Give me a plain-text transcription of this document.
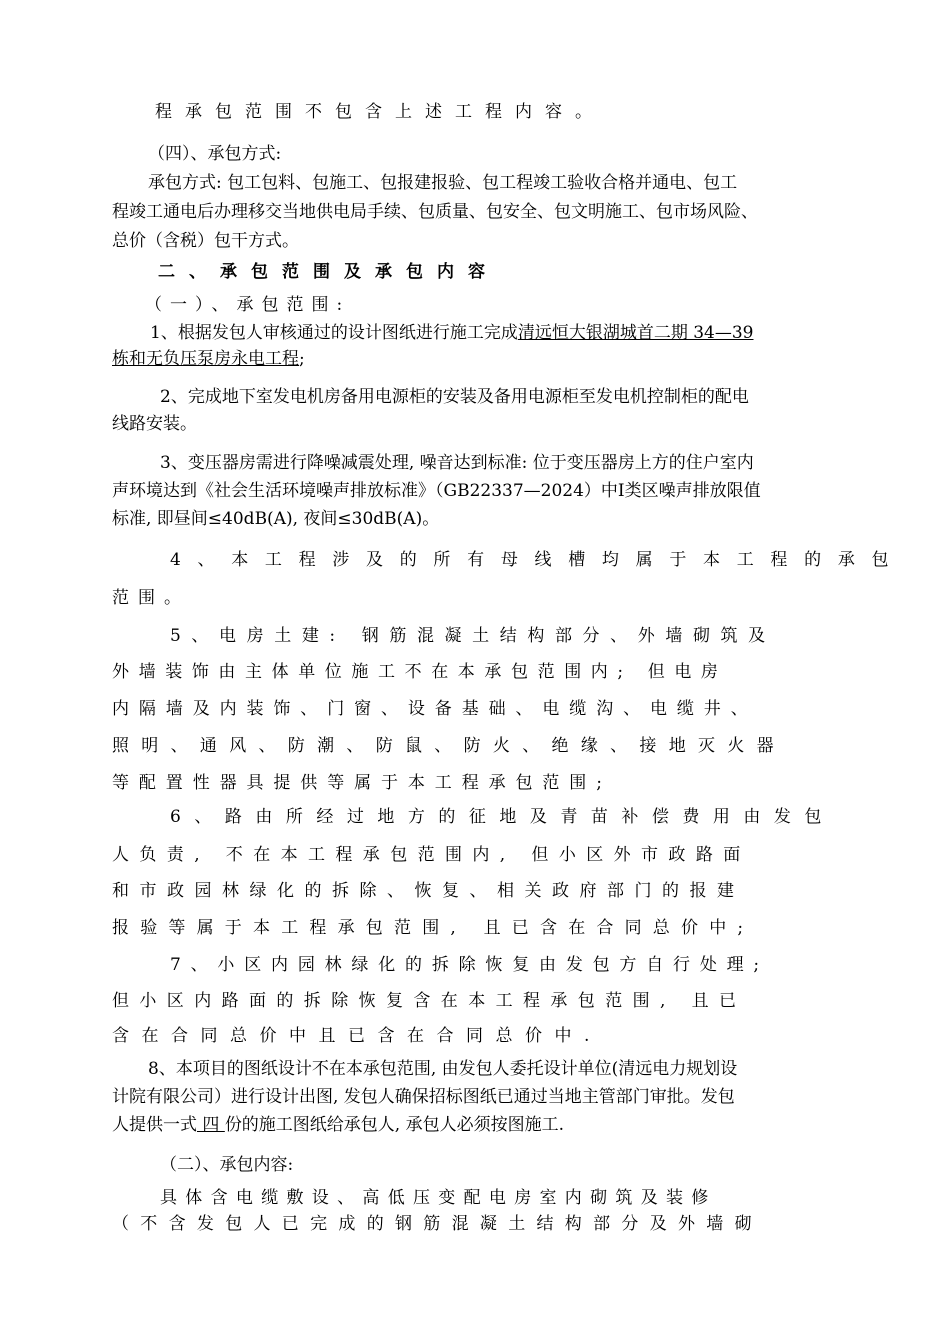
程承包范围不包含上述工程内容。
（四）、承包方式:
承包方式: 包工包料、包施工、包报建报验、包工程竣工验收合格并通电、包工
程竣工通电后办理移交当地供电局手续、包质量、包安全、包文明施工、包市场风险、
总价（含税）包干方式。
二、承包范围及承包内容
（一）、承包范围:
1、根据发包人审核通过的设计图纸进行施工完成清远恒大银湖城首二期 34—39
栋和无负压泵房永电工程;
2、完成地下室发电机房备用电源柜的安装及备用电源柜至发电机控制柜的配电
线路安装。
3、变压器房需进行降噪减震处理, 噪音达到标准: 位于变压器房上方的住户室内
声环境达到《社会生活环境噪声排放标准》（GB22337—2024）中Ⅰ类区噪声排放限值
标准, 即昼间≤40dB(A), 夜间≤30dB(A)。
4、本工程涉及的所有母线槽均属于本工程的承包
范围。
5、电房土建: 钢筋混凝土结构部分、外墙砌筑及
外墙装饰由主体单位施工不在本承包范围内; 但电房
内隔墙及内装饰、门窗、设备基础、电缆沟、电缆井、
照明、通风、防潮、防鼠、防火、绝缘、接地灭火器
等配置性器具提供等属于本工程承包范围;
6、路由所经过地方的征地及青苗补偿费用由发包
人负责, 不在本工程承包范围内, 但小区外市政路面
和市政园林绿化的拆除、恢复、相关政府部门的报建
报验等属于本工程承包范围, 且已含在合同总价中;
7、小区内园林绿化的拆除恢复由发包方自行处理;
但小区内路面的拆除恢复含在本工程承包范围, 且已
含在合同总价中且已含在合同总价中.
8、本项目的图纸设计不在本承包范围, 由发包人委托设计单位(清远电力规划设
计院有限公司）进行设计出图, 发包人确保招标图纸已通过当地主管部门审批。发包
人提供一式 四 份的施工图纸给承包人, 承包人必须按图施工.
（二）、承包内容:
具体含电缆敷设、高低压变配电房室内砌筑及装修
（不含发包人已完成的钢筋混凝土结构部分及外墙砌
